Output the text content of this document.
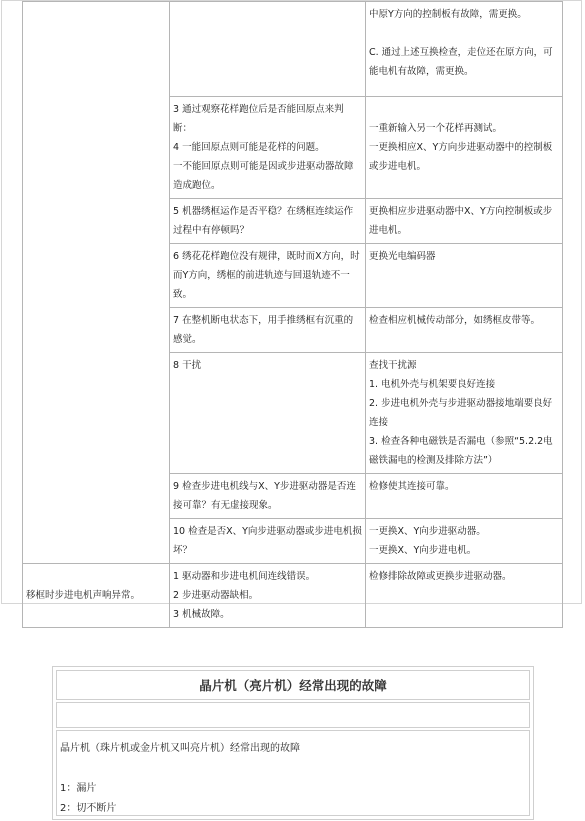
		中原Y方向的控制板有故障，需更换。

C. 通过上述互换检查，走位还在原方向，可能电机有故障，需更换。
	3 通过观察花样跑位后是否能回原点来判断：
4 一能回原点则可能是花样的问题。
一不能回原点则可能是因或步进驱动器故障造成跑位。	一重新输入另一个花样再测试。
一更换相应X、Y方向步进驱动器中的控制板或步进电机。
	5 机器绣框运作是否平稳？在绣框连续运作过程中有停顿吗？	更换相应步进驱动器中X、Y方向控制板或步进电机。
	6 绣花花样跑位没有规律，既时而X方向，时而Y方向，绣框的前进轨迹与回退轨迹不一致。	更换光电编码器
	7 在整机断电状态下，用手推绣框有沉重的感觉。	检查相应机械传动部分，如绣框皮带等。
	8 干扰	查找干扰源
1. 电机外壳与机架要良好连接
2. 步进电机外壳与步进驱动器接地端要良好连接
3. 检查各种电磁铁是否漏电（参照“5.2.2电磁铁漏电的检测及排除方法”）
	9 检查步进电机线与X、Y步进驱动器是否连接可靠？有无虚接现象。	检修使其连接可靠。
	10 检查是否X、Y向步进驱动器或步进电机损坏？	一更换X、Y向步进驱动器。
一更换X、Y向步进电机。
移框时步进电机声响异常。	1 驱动器和步进电机间连线错误。
2 步进驱动器缺相。
3 机械故障。	检修排除故障或更换步进驱动器。
晶片机（亮片机）经常出现的故障
晶片机（珠片机或金片机又叫亮片机）经常出现的故障

1：漏片
2：切不断片
